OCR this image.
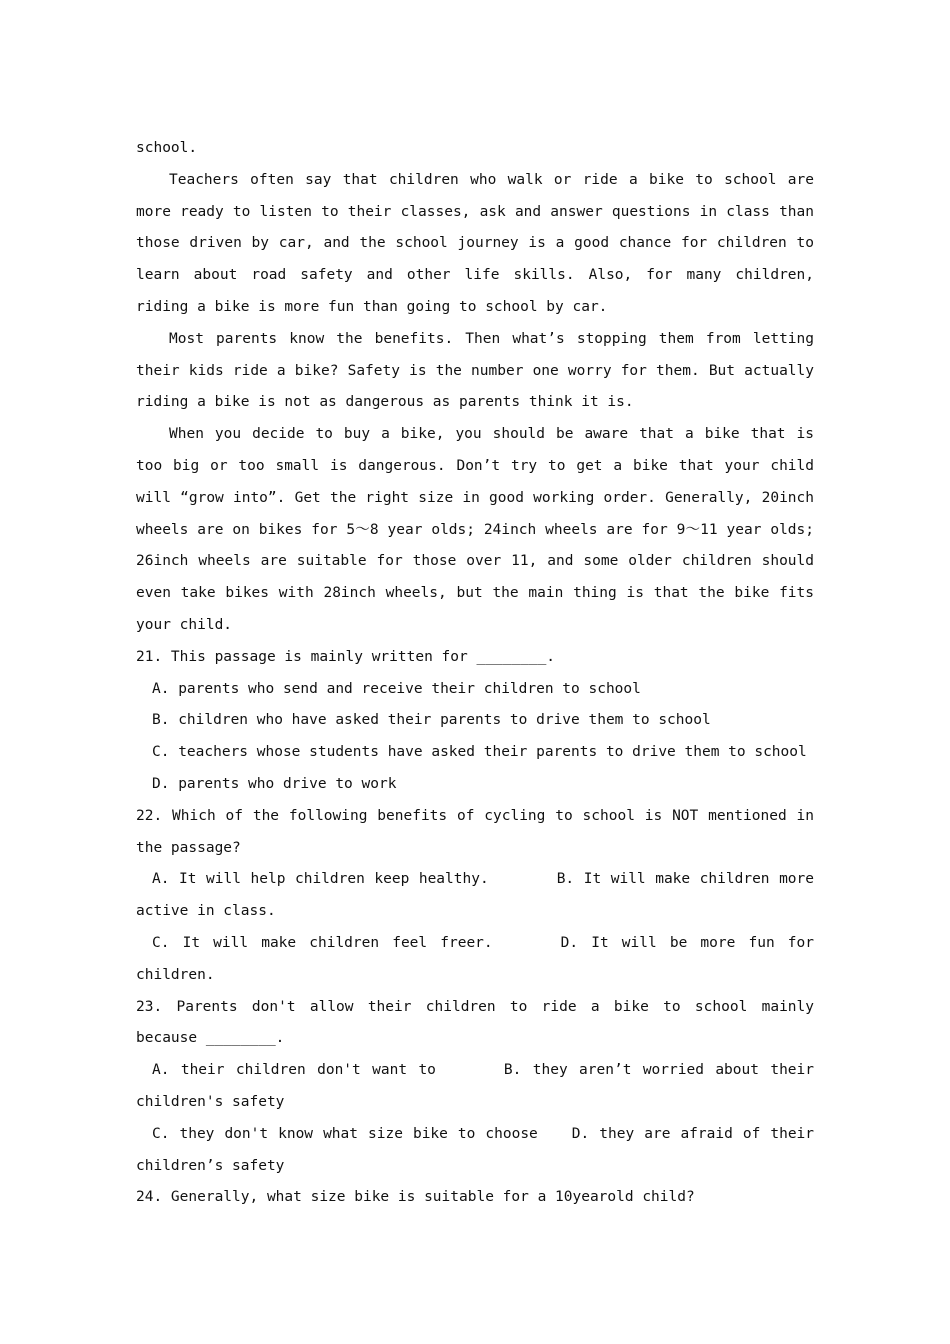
school.

Teachers often say that children who walk or ride a bike to school are more ready to listen to their classes, ask and answer questions in class than those driven by car, and the school journey is a good chance for children to learn about road safety and other life skills. Also, for many children, riding a bike is more fun than going to school by car.

Most parents know the benefits. Then what’s stopping them from letting their kids ride a bike? Safety is the number one worry for them. But actually riding a bike is not as dangerous as parents think it is.

When you decide to buy a bike, you should be aware that a bike that is too big or too small is dangerous. Don’t try to get a bike that your child will “grow into”. Get the right size in good working order. Generally, 20inch wheels are on bikes for 5～8 year olds; 24inch wheels are for 9～11 year olds; 26inch wheels are suitable for those over 11, and some older children should even take bikes with 28inch wheels, but the main thing is that the bike fits your child.

21. This passage is mainly written for ________.

A. parents who send and receive their children to school

B. children who have asked their parents to drive them to school

C. teachers whose students have asked their parents to drive them to school

D. parents who drive to work

22. Which of the following benefits of cycling to school is NOT mentioned in the passage?

A. It will help children keep healthy.	B. It will make children more active in class.

C. It will make children feel freer.	D. It will be more fun for children.

23. Parents don't allow their children to ride a bike to school mainly because ________.

A. their children don't want to	B. they aren’t worried about their children's safety

C. they don't know what size bike to choose D. they are afraid of their children’s safety

24. Generally, what size bike is suitable for a 10yearold child?
